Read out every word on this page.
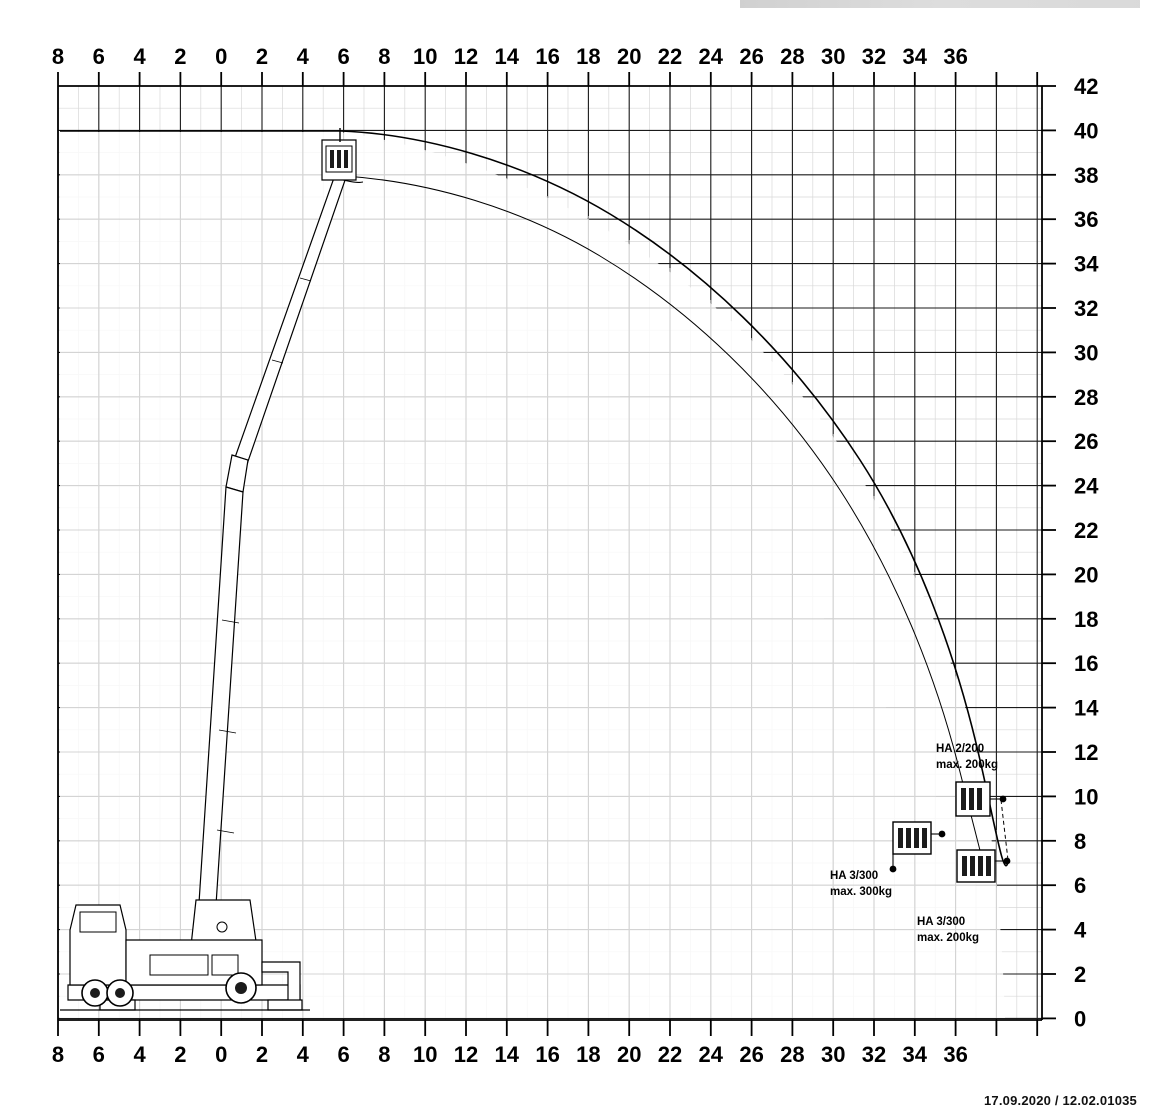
8 6 4 2 0 2 4 6 8 10 12 14 16 18 20 22 24 26 28 30 32 34 36
8 6 4 2 0 2 4 6 8 10 12 14 16 18 20 22 24 26 28 30 32 34 36
42
40
38
36
34
32
30
28
26
24
22
20
18
16
14
12
10
8
6
4
2
0
HA 2/200
max. 200kg
HA 3/300
max. 300kg
HA 3/300
max. 200kg
17.09.2020 / 12.02.01035
